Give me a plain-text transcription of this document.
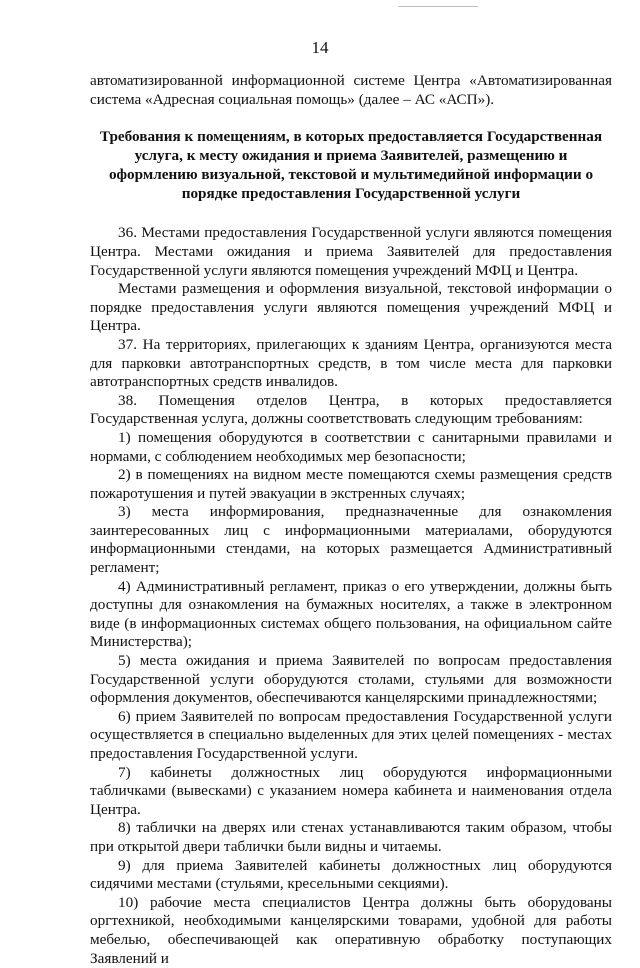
14

автоматизированной информационной системе Центра «Автоматизированная система «Адресная социальная помощь» (далее – АС «АСП»).

Требования к помещениям, в которых предоставляется Государственная услуга, к месту ожидания и приема Заявителей, размещению и оформлению визуальной, текстовой и мультимедийной информации о порядке предоставления Государственной услуги

36. Местами предоставления Государственной услуги являются помещения Центра. Местами ожидания и приема Заявителей для предоставления Государственной услуги являются помещения учреждений МФЦ и Центра.

Местами размещения и оформления визуальной, текстовой информации о порядке предоставления услуги являются помещения учреждений МФЦ и Центра.

37. На территориях, прилегающих к зданиям Центра, организуются места для парковки автотранспортных средств, в том числе места для парковки автотранспортных средств инвалидов.

38. Помещения отделов Центра, в которых предоставляется Государственная услуга, должны соответствовать следующим требованиям:

1) помещения оборудуются в соответствии с санитарными правилами и нормами, с соблюдением необходимых мер безопасности;

2) в помещениях на видном месте помещаются схемы размещения средств пожаротушения и путей эвакуации в экстренных случаях;

3) места информирования, предназначенные для ознакомления заинтересованных лиц с информационными материалами, оборудуются информационными стендами, на которых размещается Административный регламент;

4) Административный регламент, приказ о его утверждении, должны быть доступны для ознакомления на бумажных носителях, а также в электронном виде (в информационных системах общего пользования, на официальном сайте Министерства);

5) места ожидания и приема Заявителей по вопросам предоставления Государственной услуги оборудуются столами, стульями для возможности оформления документов, обеспечиваются канцелярскими принадлежностями;

6) прием Заявителей по вопросам предоставления Государственной услуги осуществляется в специально выделенных для этих целей помещениях - местах предоставления Государственной услуги.

7) кабинеты должностных лиц оборудуются информационными табличками (вывесками) с указанием номера кабинета и наименования отдела Центра.

8) таблички на дверях или стенах устанавливаются таким образом, чтобы при открытой двери таблички были видны и читаемы.

9) для приема Заявителей кабинеты должностных лиц оборудуются сидячими местами (стульями, кресельными секциями).

10) рабочие места специалистов Центра должны быть оборудованы оргтехникой, необходимыми канцелярскими товарами, удобной для работы мебелью, обеспечивающей как оперативную обработку поступающих Заявлений и
